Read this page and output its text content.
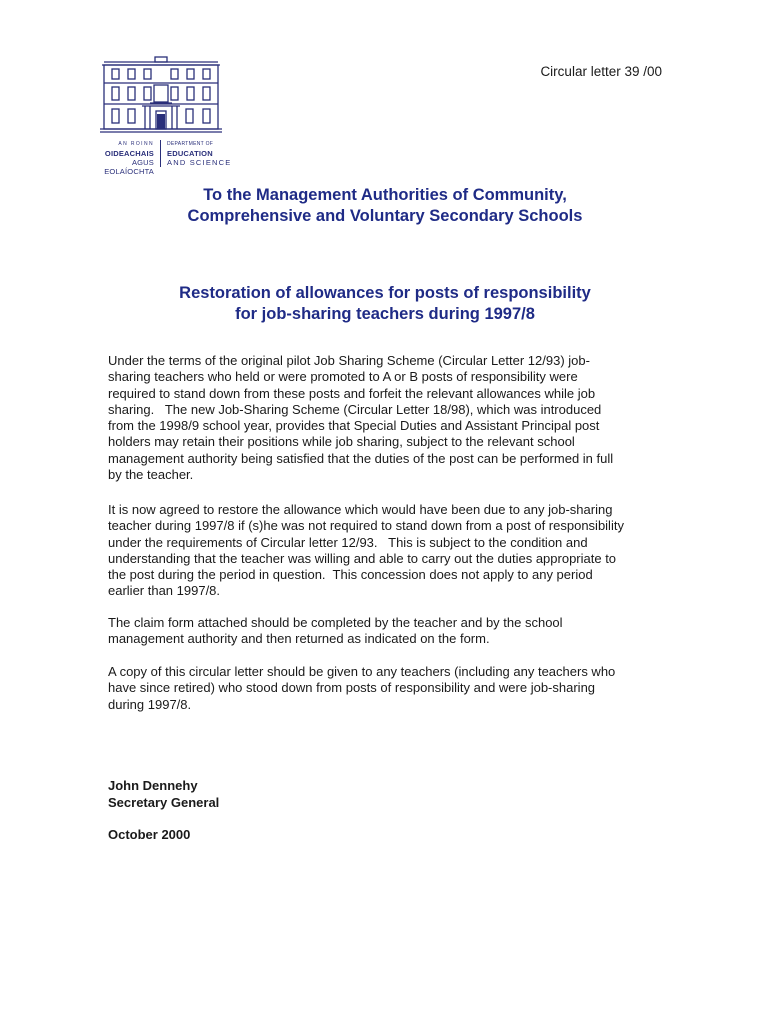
AN ROINN
OIDEACHAIS
AGUS EOLAÍOCHTA
DEPARTMENT OF
EDUCATION
AND SCIENCE
Circular letter 39 /00
To the Management Authorities of Community,
Comprehensive and Voluntary Secondary Schools
Restoration of allowances for posts of responsibility
for job-sharing teachers during 1997/8
Under the terms of the original pilot Job Sharing Scheme (Circular Letter 12/93) job-
sharing teachers who held or were promoted to A or B posts of responsibility were
required to stand down from these posts and forfeit the relevant allowances while job
sharing.   The new Job-Sharing Scheme (Circular Letter 18/98), which was introduced
from the 1998/9 school year, provides that Special Duties and Assistant Principal post
holders may retain their positions while job sharing, subject to the relevant school
management authority being satisfied that the duties of the post can be performed in full
by the teacher.
It is now agreed to restore the allowance which would have been due to any job-sharing
teacher during 1997/8 if (s)he was not required to stand down from a post of responsibility
under the requirements of Circular letter 12/93.   This is subject to the condition and
understanding that the teacher was willing and able to carry out the duties appropriate to
the post during the period in question.  This concession does not apply to any period
earlier than 1997/8.
The claim form attached should be completed by the teacher and by the school
management authority and then returned as indicated on the form.
A copy of this circular letter should be given to any teachers (including any teachers who
have since retired) who stood down from posts of responsibility and were job-sharing
during 1997/8.
John Dennehy
Secretary General
October 2000
